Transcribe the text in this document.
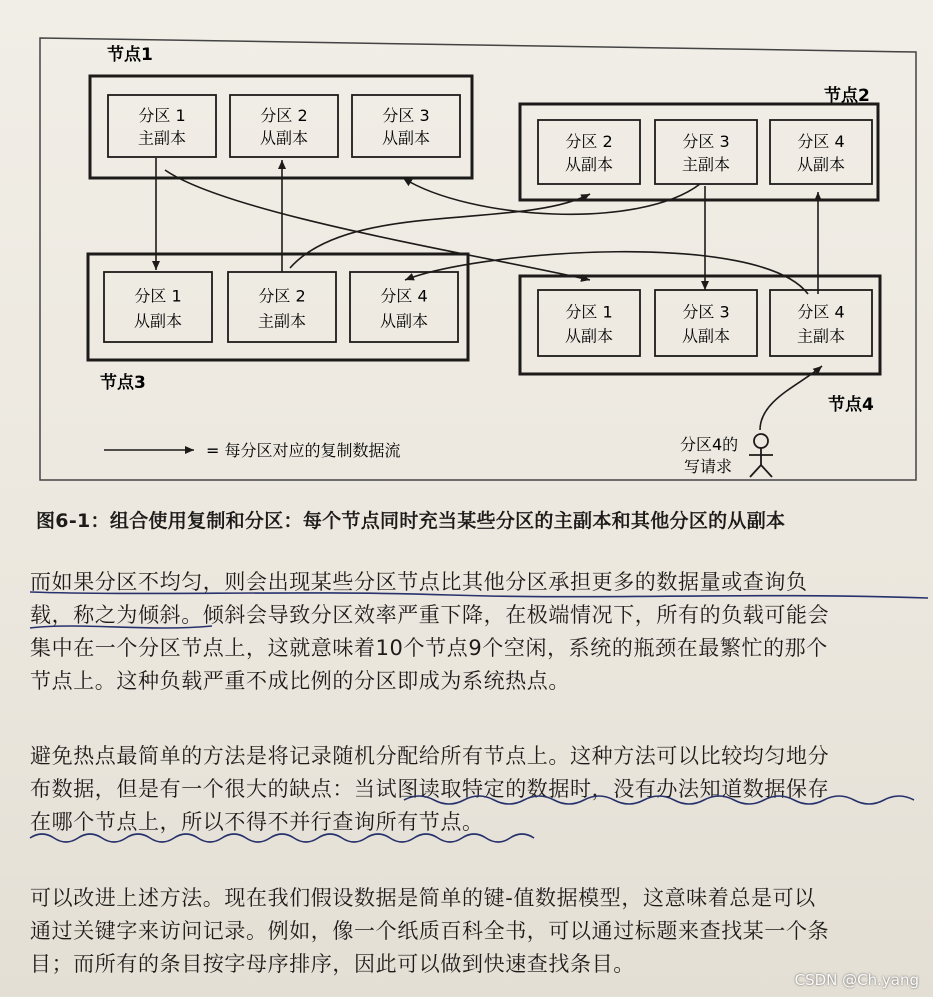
节点1
节点2
节点3
节点4
分区 1
主副本
分区 2
从副本
分区 3
从副本	分区 2
从副本
分区 3
主副本
分区 4
从副本
分区 1
从副本
分区 2
主副本
分区 4
从副本	分区 1
从副本
分区 3
从副本
分区 4
主副本
= 每分区对应的复制数据流	分区4的
写请求
图6-1：组合使用复制和分区：每个节点同时充当某些分区的主副本和其他分区的从副本

而如果分区不均匀，则会出现某些分区节点比其他分区承担更多的数据量或查询负
载，称之为倾斜。倾斜会导致分区效率严重下降，在极端情况下，所有的负载可能会
集中在一个分区节点上，这就意味着10个节点9个空闲，系统的瓶颈在最繁忙的那个
节点上。这种负载严重不成比例的分区即成为系统热点。

避免热点最简单的方法是将记录随机分配给所有节点上。这种方法可以比较均匀地分
布数据，但是有一个很大的缺点：当试图读取特定的数据时，没有办法知道数据保存
在哪个节点上，所以不得不并行查询所有节点。

可以改进上述方法。现在我们假设数据是简单的键-值数据模型，这意味着总是可以
通过关键字来访问记录。例如，像一个纸质百科全书，可以通过标题来查找某一个条
目；而所有的条目按字母序排序，因此可以做到快速查找条目。

CSDN @Ch.yang
